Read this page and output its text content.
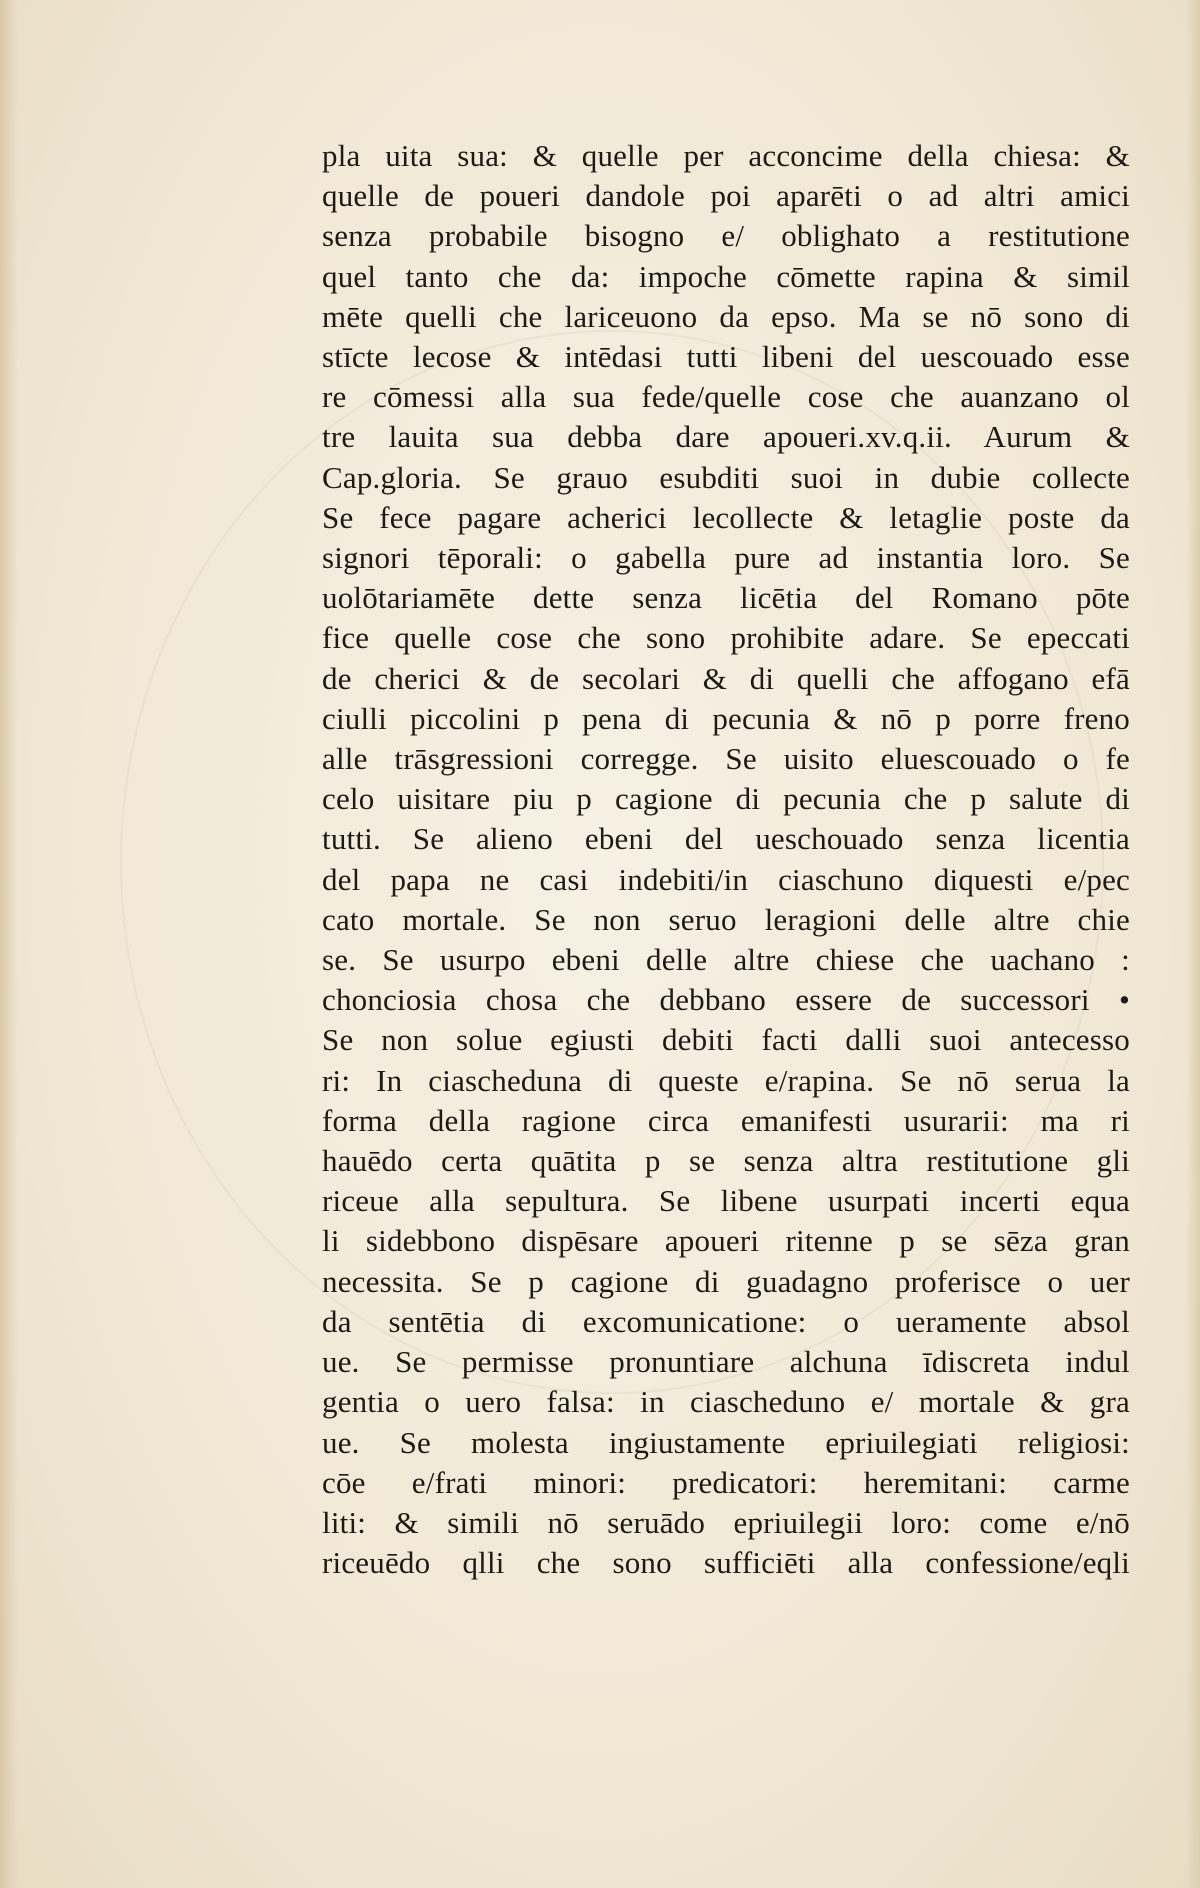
pla uita sua: & quelle per acconcime della chiesa: &
quelle de poueri dandole poi aparēti o ad altri amici
senza probabile bisogno e/ oblighato a restitutione
quel tanto che da: impoche cōmette rapina & simil
mēte quelli che lariceuono da epso. Ma se nō sono di
stīcte lecose & intēdasi tutti libeni del uescouado esse
re cōmessi alla sua fede/quelle cose che auanzano ol
tre lauita sua debba dare apoueri.xv.q.ii. Aurum &
Cap.gloria. Se grauo esubditi suoi in dubie collecte
Se fece pagare acherici lecollecte & letaglie poste da
signori tēporali: o gabella pure ad instantia loro. Se
uolōtariamēte dette senza licētia del Romano pōte
fice quelle cose che sono prohibite adare. Se epeccati
de cherici & de secolari & di quelli che affogano efā
ciulli piccolini p pena di pecunia & nō p porre freno
alle trāsgressioni corregge. Se uisito eluescouado o fe
celo uisitare piu p cagione di pecunia che p salute di
tutti. Se alieno ebeni del ueschouado senza licentia
del papa ne casi indebiti/in ciaschuno diquesti e/pec
cato mortale. Se non seruo leragioni delle altre chie
se. Se usurpo ebeni delle altre chiese che uachano :
chonciosia chosa che debbano essere de successori •
Se non solue egiusti debiti facti dalli suoi antecesso
ri: In ciascheduna di queste e/rapina. Se nō serua la
forma della ragione circa emanifesti usurarii: ma ri
hauēdo certa quātita p se senza altra restitutione gli
riceue alla sepultura. Se libene usurpati incerti equa
li sidebbono dispēsare apoueri ritenne p se sēza gran
necessita. Se p cagione di guadagno proferisce o uer
da sentētia di excomunicatione: o ueramente absol
ue. Se permisse pronuntiare alchuna īdiscreta indul
gentia o uero falsa: in ciascheduno e/ mortale & gra
ue. Se molesta ingiustamente epriuilegiati religiosi:
cōe e/frati minori: predicatori: heremitani: carme
liti: & simili nō seruādo epriuilegii loro: come e/nō
riceuēdo qlli che sono sufficiēti alla confessione/eqli
